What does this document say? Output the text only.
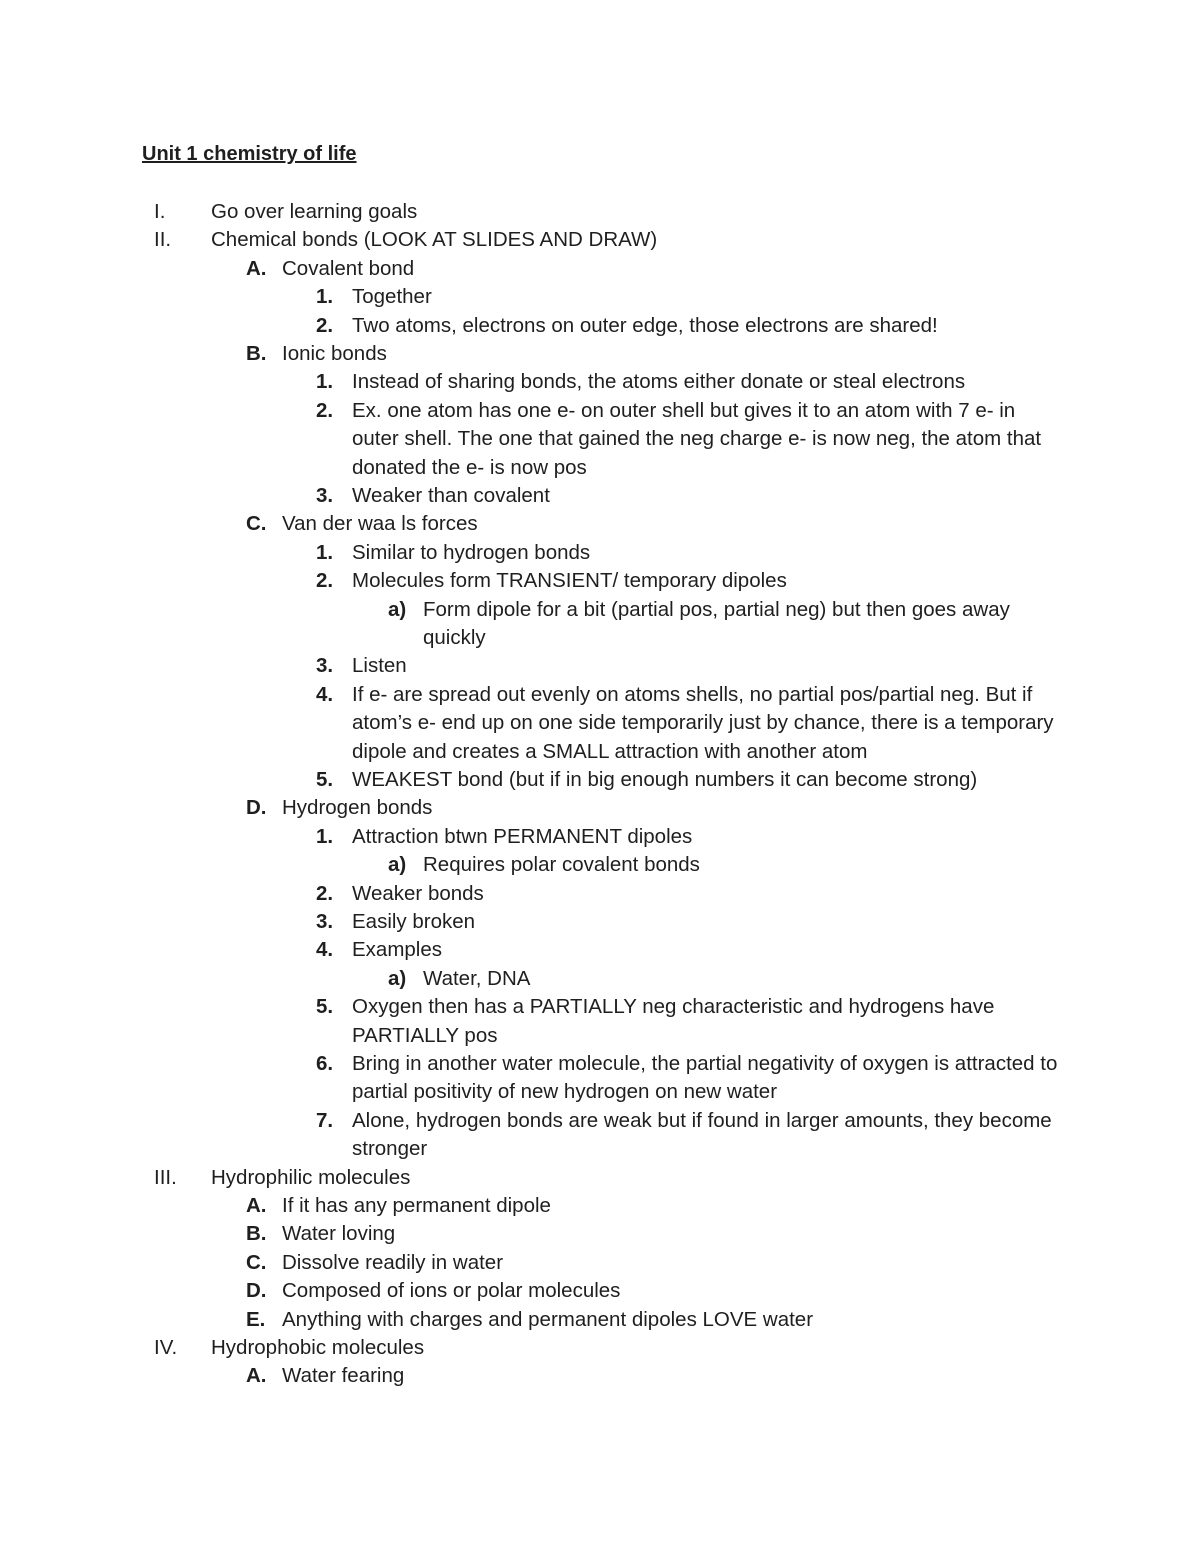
Unit 1 chemistry of life
I.	Go over learning goals
II.	Chemical bonds (LOOK AT SLIDES AND DRAW)
A. Covalent bond
1. Together
2. Two atoms, electrons on outer edge, those electrons are shared!
B. Ionic bonds
1. Instead of sharing bonds, the atoms either donate or steal electrons
2. Ex. one atom has one e- on outer shell but gives it to an atom with 7 e- in outer shell. The one that gained the neg charge e- is now neg, the atom that donated the e- is now pos
3. Weaker than covalent
C. Van der waa ls forces
1. Similar to hydrogen bonds
2. Molecules form TRANSIENT/ temporary dipoles
a) Form dipole for a bit (partial pos, partial neg) but then goes away quickly
3. Listen
4. If e- are spread out evenly on atoms shells, no partial pos/partial neg. But if atom’s e- end up on one side temporarily just by chance, there is a temporary dipole and creates a SMALL attraction with another atom
5. WEAKEST bond (but if in big enough numbers it can become strong)
D. Hydrogen bonds
1. Attraction btwn PERMANENT dipoles
a) Requires polar covalent bonds
2. Weaker bonds
3. Easily broken
4. Examples
a) Water, DNA
5. Oxygen then has a PARTIALLY neg characteristic and hydrogens have PARTIALLY pos
6. Bring in another water molecule, the partial negativity of oxygen is attracted to partial positivity of new hydrogen on new water
7. Alone, hydrogen bonds are weak but if found in larger amounts, they become stronger
III.	Hydrophilic molecules
A. If it has any permanent dipole
B. Water loving
C. Dissolve readily in water
D. Composed of ions or polar molecules
E. Anything with charges and permanent dipoles LOVE water
IV.	Hydrophobic molecules
A. Water fearing
